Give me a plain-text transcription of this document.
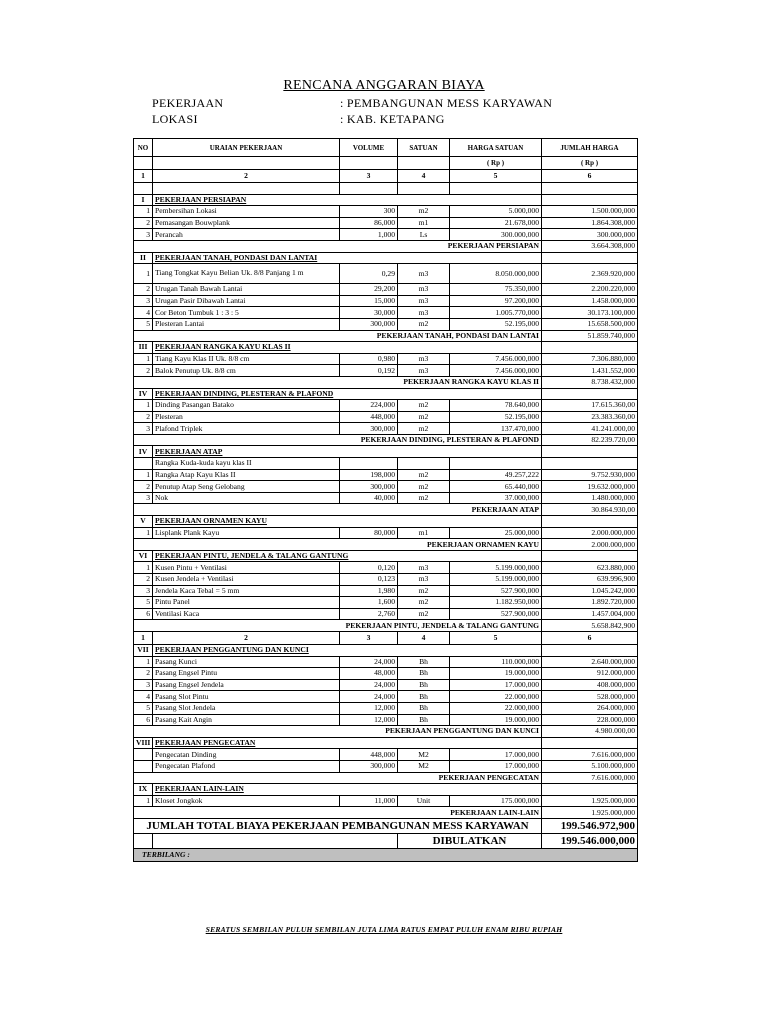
RENCANA ANGGARAN BIAYA
PEKERJAAN	: PEMBANGUNAN MESS KARYAWAN
LOKASI	: KAB. KETAPANG
NO	URAIAN PEKERJAAN	VOLUME	SATUAN	HARGA SATUAN	JUMLAH HARGA
				( Rp )	( Rp )
1	2	3	4	5	6

I	PEKERJAAN PERSIAPAN				
1	Pembersihan Lokasi	300	m2	5.000,000	1.500.000,000
2	Pemasangan Bouwplank	86,000	m1	21.678,000	1.864.308,000
3	Perancah	1,000	Ls	300.000,000	300.000,000
PEKERJAAN PERSIAPAN					3.664.308,000
II	PEKERJAAN TANAH, PONDASI DAN LANTAI				
1	Tiang Tongkat Kayu Belian Uk. 8/8 Panjang 1 m	0,29	m3	8.050.000,000	2.369.920,000
2	Urugan Tanah Bawah Lantai	29,200	m3	75.350,000	2.200.220,000
3	Urugan Pasir Dibawah Lantai	15,000	m3	97.200,000	1.458.000,000
4	Cor Beton Tumbuk 1 : 3 : 5	30,000	m3	1.005.770,000	30.173.100,000
5	Plesteran Lantai	300,000	m2	52.195,000	15.658.500,000
PEKERJAAN TANAH, PONDASI DAN LANTAI					51.859.740,000
III	PEKERJAAN RANGKA KAYU KLAS II				
1	Tiang Kayu Klas II Uk. 8/8 cm	0,980	m3	7.456.000,000	7.306.880,000
2	Balok Penutup Uk. 8/8 cm	0,192	m3	7.456.000,000	1.431.552,000
PEKERJAAN RANGKA KAYU KLAS II					8.738.432,000
IV	PEKERJAAN DINDING, PLESTERAN & PLAFOND				
1	Dinding Pasangan Batako	224,000	m2	78.640,000	17.615.360,00
2	Plesteran	448,000	m2	52.195,000	23.383.360,00
3	Plafond Triplek	300,000	m2	137.470,000	41.241.000,00
PEKERJAAN DINDING, PLESTERAN & PLAFOND					82.239.720,00
IV	PEKERJAAN ATAP				
	Rangka Kuda-kuda kayu klas II				
1	Rangka Atap Kayu Klas II	198,000	m2	49.257,222	9.752.930,000
2	Penutup Atap Seng Gelobang	300,000	m2	65.440,000	19.632.000,000
3	Nok	40,000	m2	37.000,000	1.480.000,000
PEKERJAAN ATAP					30.864.930,00
V	PEKERJAAN ORNAMEN KAYU				
1	Lisplank Plank Kayu	80,000	m1	25.000,000	2.000.000,000
PEKERJAAN ORNAMEN KAYU					2.000.000,000
VI	PEKERJAAN PINTU, JENDELA & TALANG GANTUNG				
1	Kusen Pintu + Ventilasi	0,120	m3	5.199.000,000	623.880,000
2	Kusen Jendela + Ventilasi	0,123	m3	5.199.000,000	639.996,900
3	Jendela Kaca Tebal = 5 mm	1,980	m2	527.900,000	1.045.242,000
5	Pintu Panel	1,600	m2	1.182.950,000	1.892.720,000
6	Ventilasi Kaca	2,760	m2	527.900,000	1.457.004,000
PEKERJAAN PINTU, JENDELA & TALANG GANTUNG					5.658.842,900
1	2	3	4	5	6
VII	PEKERJAAN PENGGANTUNG DAN KUNCI				
1	Pasang Kunci	24,000	Bh	110.000,000	2.640.000,000
2	Pasang Engsel Pintu	48,000	Bh	19.000,000	912.000,000
3	Pasang Engsel Jendela	24,000	Bh	17.000,000	408.000,000
4	Pasang Slot Pintu	24,000	Bh	22.000,000	528.000,000
5	Pasang Slot Jendela	12,000	Bh	22.000,000	264.000,000
6	Pasang Kait Angin	12,000	Bh	19.000,000	228.000,000
PEKERJAAN PENGGANTUNG DAN KUNCI					4.980.000,00
VIII	PEKERJAAN PENGECATAN				
	Pengecatan Dinding	448,000	M2	17.000,000	7.616.000,000
	Pengecatan Plafond	300,000	M2	17.000,000	5.100.000,000
PEKERJAAN PENGECATAN					7.616.000,000
IX	PEKERJAAN LAIN-LAIN				
1	Kloset Jongkok	11,000	Unit	175.000,000	1.925.000,000
PEKERJAAN LAIN-LAIN					1.925.000,000
JUMLAH TOTAL BIAYA PEKERJAAN PEMBANGUNAN MESS KARYAWAN					199.546.972,900
			DIBULATKAN		199.546.000,000
TERBILANG :					
SERATUS SEMBILAN PULUH SEMBILAN JUTA LIMA RATUS EMPAT PULUH ENAM RIBU RUPIAH
